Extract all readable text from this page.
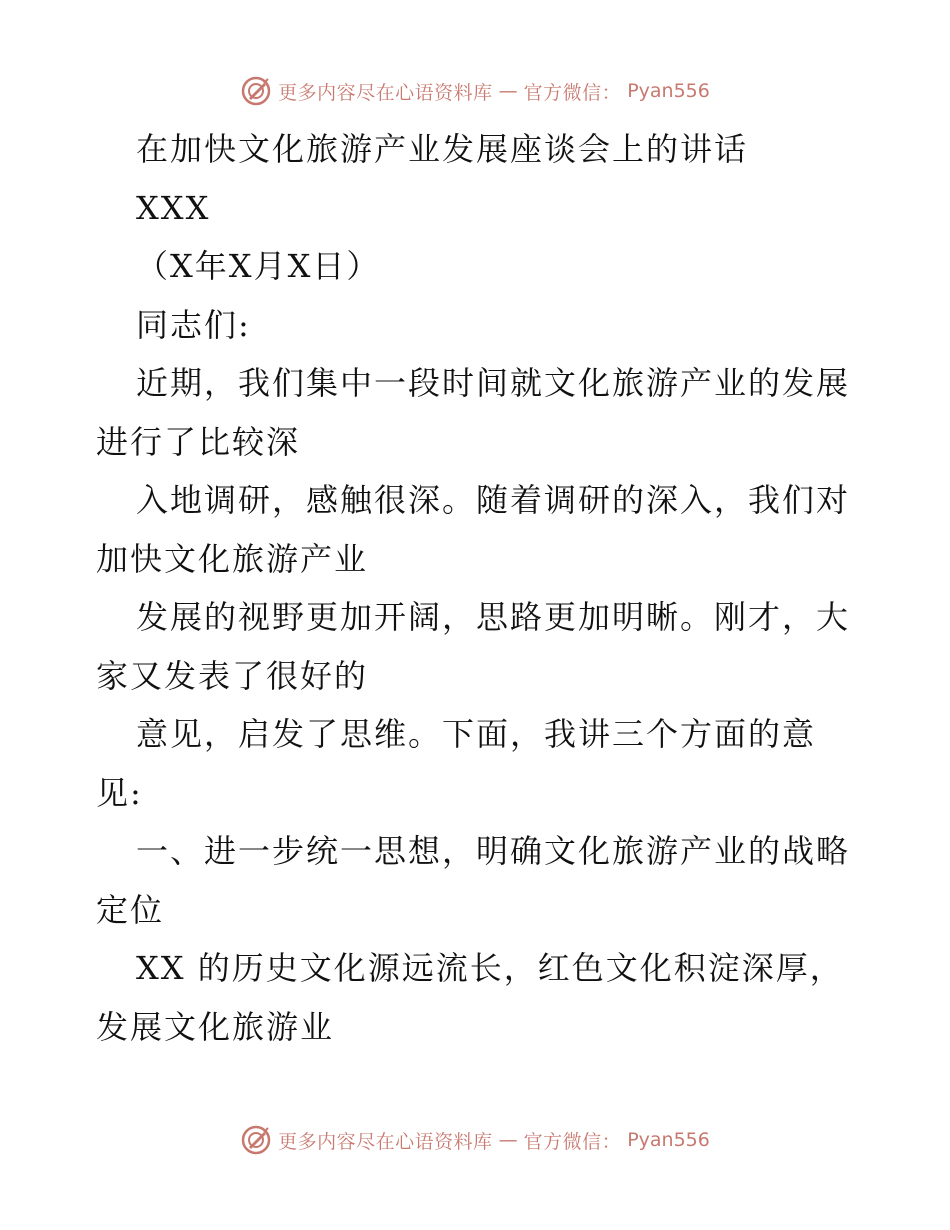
更多内容尽在心语资料库 — 官方微信： Pyan556
在加快文化旅游产业发展座谈会上的讲话
XXX
（X年X月X日）
同志们:
近期，我们集中一段时间就文化旅游产业的发展
进行了比较深
入地调研，感触很深。随着调研的深入，我们对
加快文化旅游产业
发展的视野更加开阔，思路更加明晰。刚才，大
家又发表了很好的
意见，启发了思维。下面，我讲三个方面的意
见:
一、进一步统一思想，明确文化旅游产业的战略
定位
XX 的历史文化源远流长，红色文化积淀深厚，
发展文化旅游业
更多内容尽在心语资料库 — 官方微信： Pyan556
